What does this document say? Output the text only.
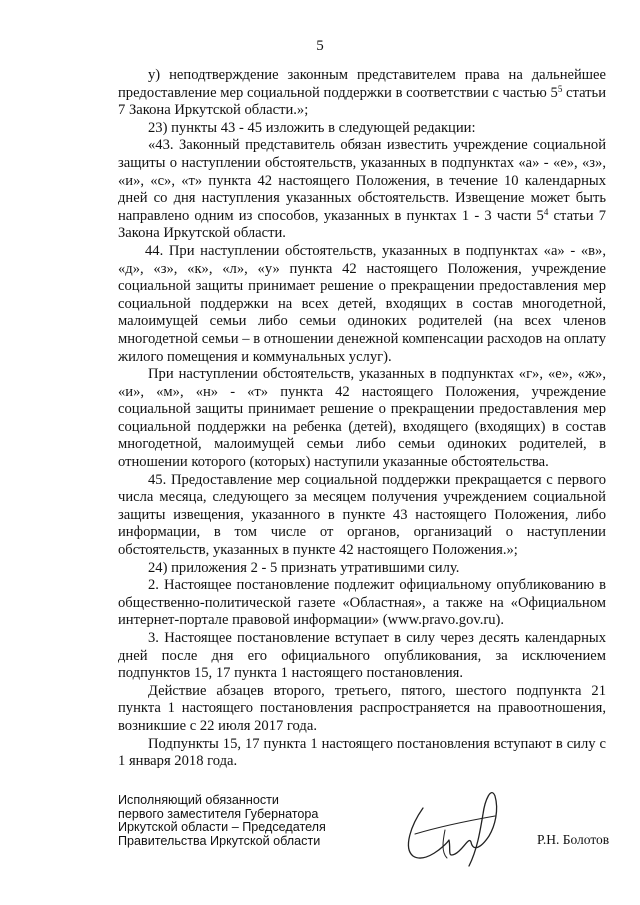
5

у) неподтверждение законным представителем права на дальнейшее предоставление мер социальной поддержки в соответствии с частью $5^5$ статьи 7 Закона Иркутской области.»;

23) пункты 43 - 45 изложить в следующей редакции:

«43. Законный представитель обязан известить учреждение социальной защиты о наступлении обстоятельств, указанных в подпунктах «а» - «е», «з», «и», «с», «т» пункта 42 настоящего Положения, в течение 10 календарных дней со дня наступления указанных обстоятельств. Извещение может быть направлено одним из способов, указанных в пунктах 1 - 3 части $5^4$ статьи 7 Закона Иркутской области.

44. При наступлении обстоятельств, указанных в подпунктах «а» - «в», «д», «з», «к», «л», «у» пункта 42 настоящего Положения, учреждение социальной защиты принимает решение о прекращении предоставления мер социальной поддержки на всех детей, входящих в состав многодетной, малоимущей семьи либо семьи одиноких родителей (на всех членов многодетной семьи – в отношении денежной компенсации расходов на оплату жилого помещения и коммунальных услуг).

При наступлении обстоятельств, указанных в подпунктах «г», «е», «ж», «и», «м», «н» - «т» пункта 42 настоящего Положения, учреждение социальной защиты принимает решение о прекращении предоставления мер социальной поддержки на ребенка (детей), входящего (входящих) в состав многодетной, малоимущей семьи либо семьи одиноких родителей, в отношении которого (которых) наступили указанные обстоятельства.

45. Предоставление мер социальной поддержки прекращается с первого числа месяца, следующего за месяцем получения учреждением социальной защиты извещения, указанного в пункте 43 настоящего Положения, либо информации, в том числе от органов, организаций о наступлении обстоятельств, указанных в пункте 42 настоящего Положения.»;

24) приложения 2 - 5 признать утратившими силу.

2. Настоящее постановление подлежит официальному опубликованию в общественно-политической газете «Областная», а также на «Официальном интернет-портале правовой информации» (www.pravo.gov.ru).

3. Настоящее постановление вступает в силу через десять календарных дней после дня его официального опубликования, за исключением подпунктов 15, 17 пункта 1 настоящего постановления.

Действие абзацев второго, третьего, пятого, шестого подпункта 21 пункта 1 настоящего постановления распространяется на правоотношения, возникшие с 22 июля 2017 года.

Подпункты 15, 17 пункта 1 настоящего постановления вступают в силу с 1 января 2018 года.

Исполняющий обязанности
первого заместителя Губернатора
Иркутской области – Председателя
Правительства Иркутской области	Р.Н. Болотов
